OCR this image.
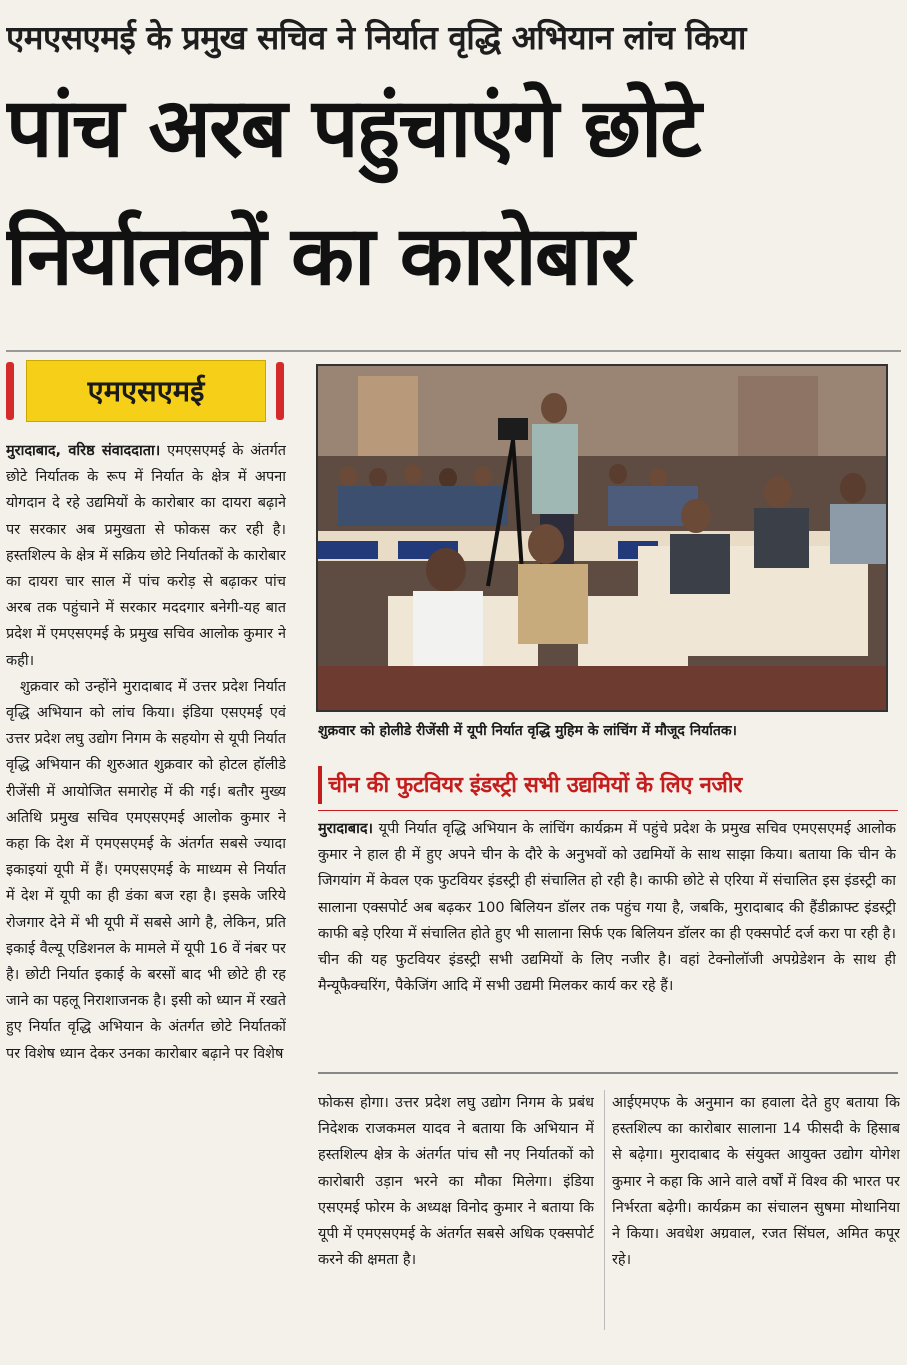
एमएसएमई के प्रमुख सचिव ने निर्यात वृद्धि अभियान लांच किया
पांच अरब पहुंचाएंगे छोटे
निर्यातकों का कारोबार
एमएसएमई

मुरादाबाद, वरिष्ठ संवाददाता। एमएसएमई के अंतर्गत छोटे निर्यातक के रूप में निर्यात के क्षेत्र में अपना योगदान दे रहे उद्यमियों के कारोबार का दायरा बढ़ाने पर सरकार अब प्रमुखता से फोकस कर रही है। हस्तशिल्प के क्षेत्र में सक्रिय छोटे निर्यातकों के कारोबार का दायरा चार साल में पांच करोड़ से बढ़ाकर पांच अरब तक पहुंचाने में सरकार मददगार बनेगी-यह बात प्रदेश में एमएसएमई के प्रमुख सचिव आलोक कुमार ने कही।

शुक्रवार को उन्होंने मुरादाबाद में उत्तर प्रदेश निर्यात वृद्धि अभियान को लांच किया। इंडिया एसएमई एवं उत्तर प्रदेश लघु उद्योग निगम के सहयोग से यूपी निर्यात वृद्धि अभियान की शुरुआत शुक्रवार को होटल हॉलीडे रीजेंसी में आयोजित समारोह में की गई। बतौर मुख्य अतिथि प्रमुख सचिव एमएसएमई आलोक कुमार ने कहा कि देश में एमएसएमई के अंतर्गत सबसे ज्यादा इकाइयां यूपी में हैं। एमएसएमई के माध्यम से निर्यात में देश में यूपी का ही डंका बज रहा है। इसके जरिये रोजगार देने में भी यूपी में सबसे आगे है, लेकिन, प्रति इकाई वैल्यू एडिशनल के मामले में यूपी 16 वें नंबर पर है। छोटी निर्यात इकाई के बरसों बाद भी छोटे ही रह जाने का पहलू निराशाजनक है। इसी को ध्यान में रखते हुए निर्यात वृद्धि अभियान के अंतर्गत छोटे निर्यातकों पर विशेष ध्यान देकर उनका कारोबार बढ़ाने पर विशेष

शुक्रवार को होलीडे रीजेंसी में यूपी निर्यात वृद्धि मुहिम के लांचिंग में मौजूद निर्यातक।
चीन की फुटवियर इंडस्ट्री सभी उद्यमियों के लिए नजीर
मुरादाबाद। यूपी निर्यात वृद्धि अभियान के लांचिंग कार्यक्रम में पहुंचे प्रदेश के प्रमुख सचिव एमएसएमई आलोक कुमार ने हाल ही में हुए अपने चीन के दौरे के अनुभवों को उद्यमियों के साथ साझा किया। बताया कि चीन के जिगयांग में केवल एक फुटवियर इंडस्ट्री ही संचालित हो रही है। काफी छोटे से एरिया में संचालित इस इंडस्ट्री का सालाना एक्सपोर्ट अब बढ़कर 100 बिलियन डॉलर तक पहुंच गया है, जबकि, मुरादाबाद की हैंडीक्राफ्ट इंडस्ट्री काफी बड़े एरिया में संचालित होते हुए भी सालाना सिर्फ एक बिलियन डॉलर का ही एक्सपोर्ट दर्ज करा पा रही है। चीन की यह फुटवियर इंडस्ट्री सभी उद्यमियों के लिए नजीर है। वहां टेक्नोलॉजी अपग्रेडेशन के साथ ही मैन्यूफैक्चरिंग, पैकेजिंग आदि में सभी उद्यमी मिलकर कार्य कर रहे हैं।
फोकस होगा। उत्तर प्रदेश लघु उद्योग निगम के प्रबंध निदेशक राजकमल यादव ने बताया कि अभियान में हस्तशिल्प क्षेत्र के अंतर्गत पांच सौ नए निर्यातकों को कारोबारी उड़ान भरने का मौका मिलेगा। इंडिया एसएमई फोरम के अध्यक्ष विनोद कुमार ने बताया कि यूपी में एमएसएमई के अंतर्गत सबसे अधिक एक्सपोर्ट करने की क्षमता है।
आईएमएफ के अनुमान का हवाला देते हुए बताया कि हस्तशिल्प का कारोबार सालाना 14 फीसदी के हिसाब से बढ़ेगा। मुरादाबाद के संयुक्त आयुक्त उद्योग योगेश कुमार ने कहा कि आने वाले वर्षों में विश्व की भारत पर निर्भरता बढ़ेगी। कार्यक्रम का संचालन सुषमा मोथानिया ने किया। अवधेश अग्रवाल, रजत सिंघल, अमित कपूर रहे।
